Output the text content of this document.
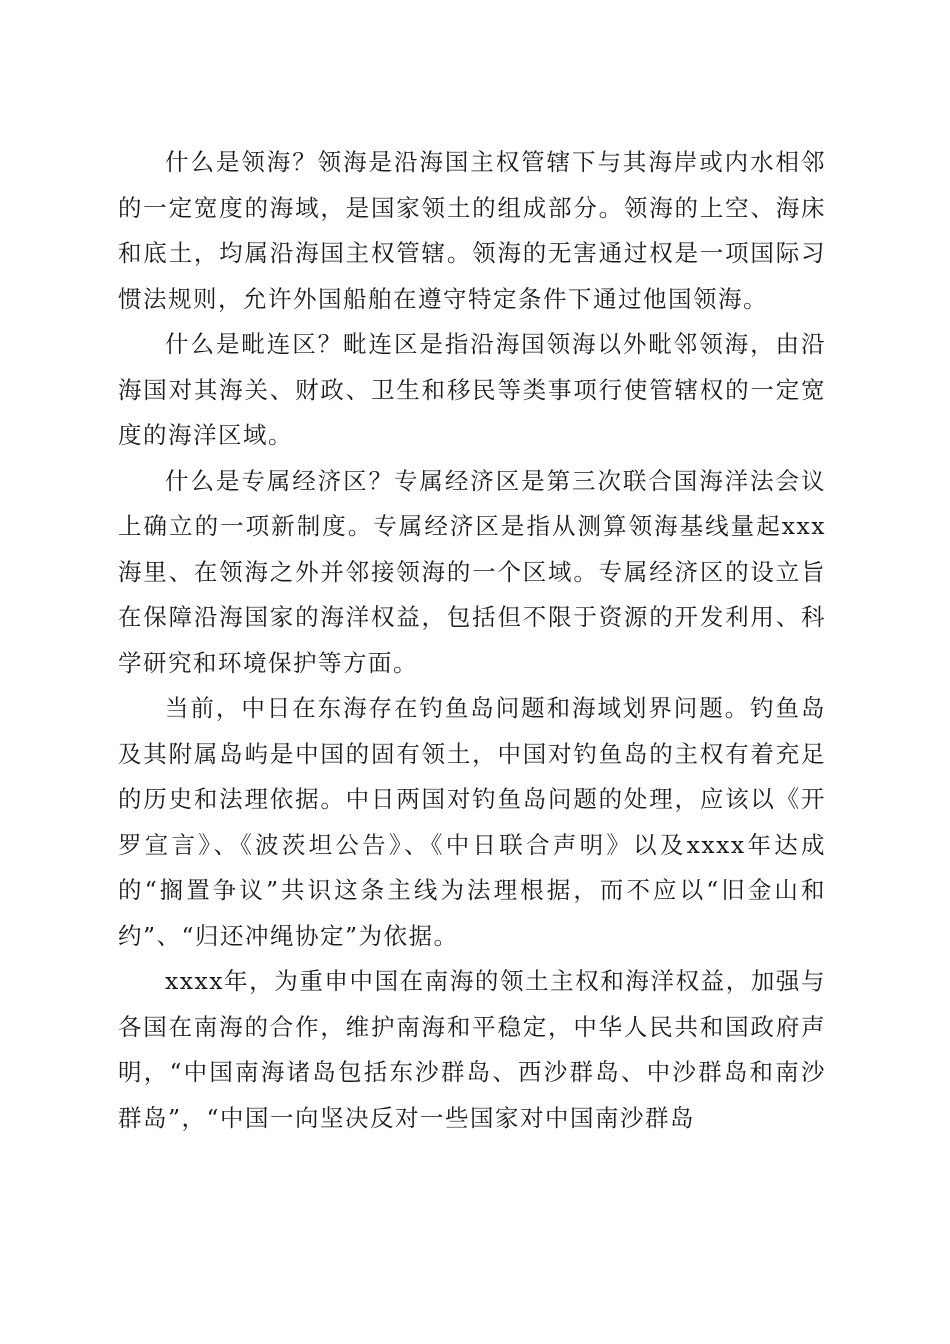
什么是领海？领海是沿海国主权管辖下与其海岸或内水相邻的一定宽度的海域，是国家领土的组成部分。领海的上空、海床和底土，均属沿海国主权管辖。领海的无害通过权是一项国际习惯法规则，允许外国船舶在遵守特定条件下通过他国领海。

什么是毗连区？毗连区是指沿海国领海以外毗邻领海，由沿海国对其海关、财政、卫生和移民等类事项行使管辖权的一定宽度的海洋区域。

什么是专属经济区？专属经济区是第三次联合国海洋法会议上确立的一项新制度。专属经济区是指从测算领海基线量起xxx海里、在领海之外并邻接领海的一个区域。专属经济区的设立旨在保障沿海国家的海洋权益，包括但不限于资源的开发利用、科学研究和环境保护等方面。

当前，中日在东海存在钓鱼岛问题和海域划界问题。钓鱼岛及其附属岛屿是中国的固有领土，中国对钓鱼岛的主权有着充足的历史和法理依据。中日两国对钓鱼岛问题的处理，应该以《开罗宣言》、《波茨坦公告》、《中日联合声明》以及xxxx年达成的“搁置争议”共识这条主线为法理根据，而不应以“旧金山和约”、“归还冲绳协定”为依据。

xxxx年，为重申中国在南海的领土主权和海洋权益，加强与各国在南海的合作，维护南海和平稳定，中华人民共和国政府声明，“中国南海诸岛包括东沙群岛、西沙群岛、中沙群岛和南沙群岛”，“中国一向坚决反对一些国家对中国南沙群岛
